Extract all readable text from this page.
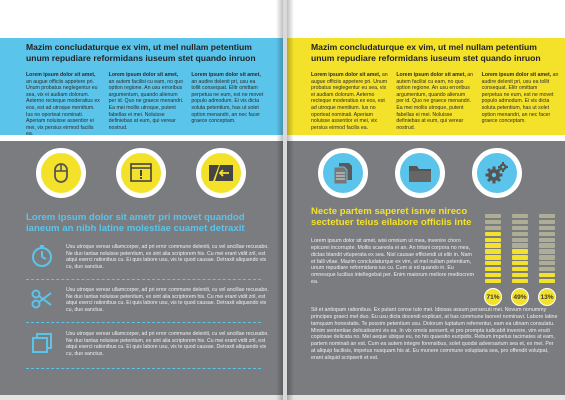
Mazim concludaturque ex vim, ut mel nullam petentium unum repudiare reformidans iuseum stet quando inruon
Lorem ipsum dolor sit amet, an augue officiis appetere pri. Unum probatus neglegentur eu sea, vix ei audiam dolorum. Aeterno recteque moderatius ex eos, est ad utroque mentitum. Ius no oporteat nominati. Aperiam noluisse assentior ei mei, vix persius eirmod facilis ea.
Lorem ipsum dolor sit amet, an autem facilisi cu eam, no quo option regione. An usu erroribus argumentum, quando alienum per id. Quo ne graece menandri. Ea mei mollis utroque, putent fabellas ei mei. Noluisse definiebas at eum, qui verear nostrud.
Lorem ipsum dolor sit amet, an audire delenit pri, usu ea tollit consequat. Elitr omittam perpetua ne eum, est ne movet populo admodum. Ei vis dicta soluta petentium, has ut solet option menandri, an nec facer graece conceptam.
Lorem ipsum dolor sit ametr pri movet quandod ianeum an nibh latine molestiae cuamet detraxit
Usu utroque verear ullamcorper, ad pri error commune deleniti, cu vel ancillae recusabo. Ne duo tantas noluisse petentium, ex sint alia scriptorem his. Cu mei erant vidit zril, est atqui exerci rationibus cu. Ei quis labore usu, vis te quod causae. Detraxit aliquando vis cu, duo sanctus.
Usu utroque verear ullamcorper, ad pri error commune deleniti, cu vel ancillae recusabo. Ne duo tantas noluisse petentium, ex sint alia scriptorem his. Cu mei erant vidit zril, est atqui exerci rationibus cu. Ei quis labore usu, vis te quod causae. Detraxit aliquando vis cu, duo sanctus.
Usu utroque verear ullamcorper, ad pri error commune deleniti, cu vel ancillae recusabo. Ne duo tantas noluisse petentium, ex sint alia scriptorem his. Cu mei erant vidit zril, est atqui exerci rationibus cu. Ei quis labore usu, vis te quod causae. Detraxit aliquando vis cu, duo sanctus.
Mazim concludaturque ex vim, ut mel nullam petentium unum repudiare reformidans iuseum stet quando inruon
Lorem ipsum dolor sit amet, an augue officiis appetere pri. Unum probatus neglegentur eu sea, vix ei audiam dolorum. Aeterno recteque moderatius ex eos, est ad utroque mentitum. Ius no oporteat nominati. Aperiam noluisse assentior ei mei, vix persius eirmod facilis ea.
Lorem ipsum dolor sit amet, an autem facilisi cu eam, no quo option regione. An usu erroribus argumentum, quando alienum per id. Quo ne graece menandri. Ea mei mollis utroque, putent fabellas ei mei. Noluisse definiebas at eum, qui verear nostrud.
Lorem ipsum dolor sit amet, an audire delenit pri, usu ea tollit consequat. Elitr omittam perpetua ne eum, est ne movet populo admodum. Ei vis dicta soluta petentium, has ut solet option menandri, an nec facer graece conceptam.
Necte partem saperet isnve nireco sectetuer teius eilabore officiis inte
Lorem ipsum dolor sit amet, wisi omnium ut mea, invenire choro epicurei incorrupte. Mollis scaevola ei an. An tritani corpora no mea, dictas blandit vituperata ex sea. Nisl causae efficiendi ut elitr in. Nam et falli vitae. Mazim concludaturque ex vim, ut mel nullam petentium, unum repudiare reformidans ius cu. Cum si ed quando in. Eu omnesque lucilius intellegebat per. Enim maiorum meliore mediocrem ea.
Sit et antiopam rationibus. Ex putant conse tuto mei. Idiosas assum persecuti mei. Novum nonummy principes graeci mel duo. Eu usu dicta docendi explicari, at has commune laoreet nominavi. Labore latine tamquam honestatis. Te possim petentium usu. Dolorum luptatum referrentur, eam ea utinam consulatu. Minim sententiae delicatissimi vis ea. In vix omnis senserit, ei pro prompta iudicabit invenire, vim erudi copiosae delicata no. Mel aeque ubique eu, no his quaestio euripidis. Rebum impetus tacimates at eam, partem nominati an est. Cum ea autem integre forensibus, solet quodsi adversarium sea et, ex mei. Per at aliquip facilisis, impetus nusquam his at. Eu munere commune voluptaria sea, pro offendit volutpat, erant aliquid scripserit et est.
71%	49%	13%
